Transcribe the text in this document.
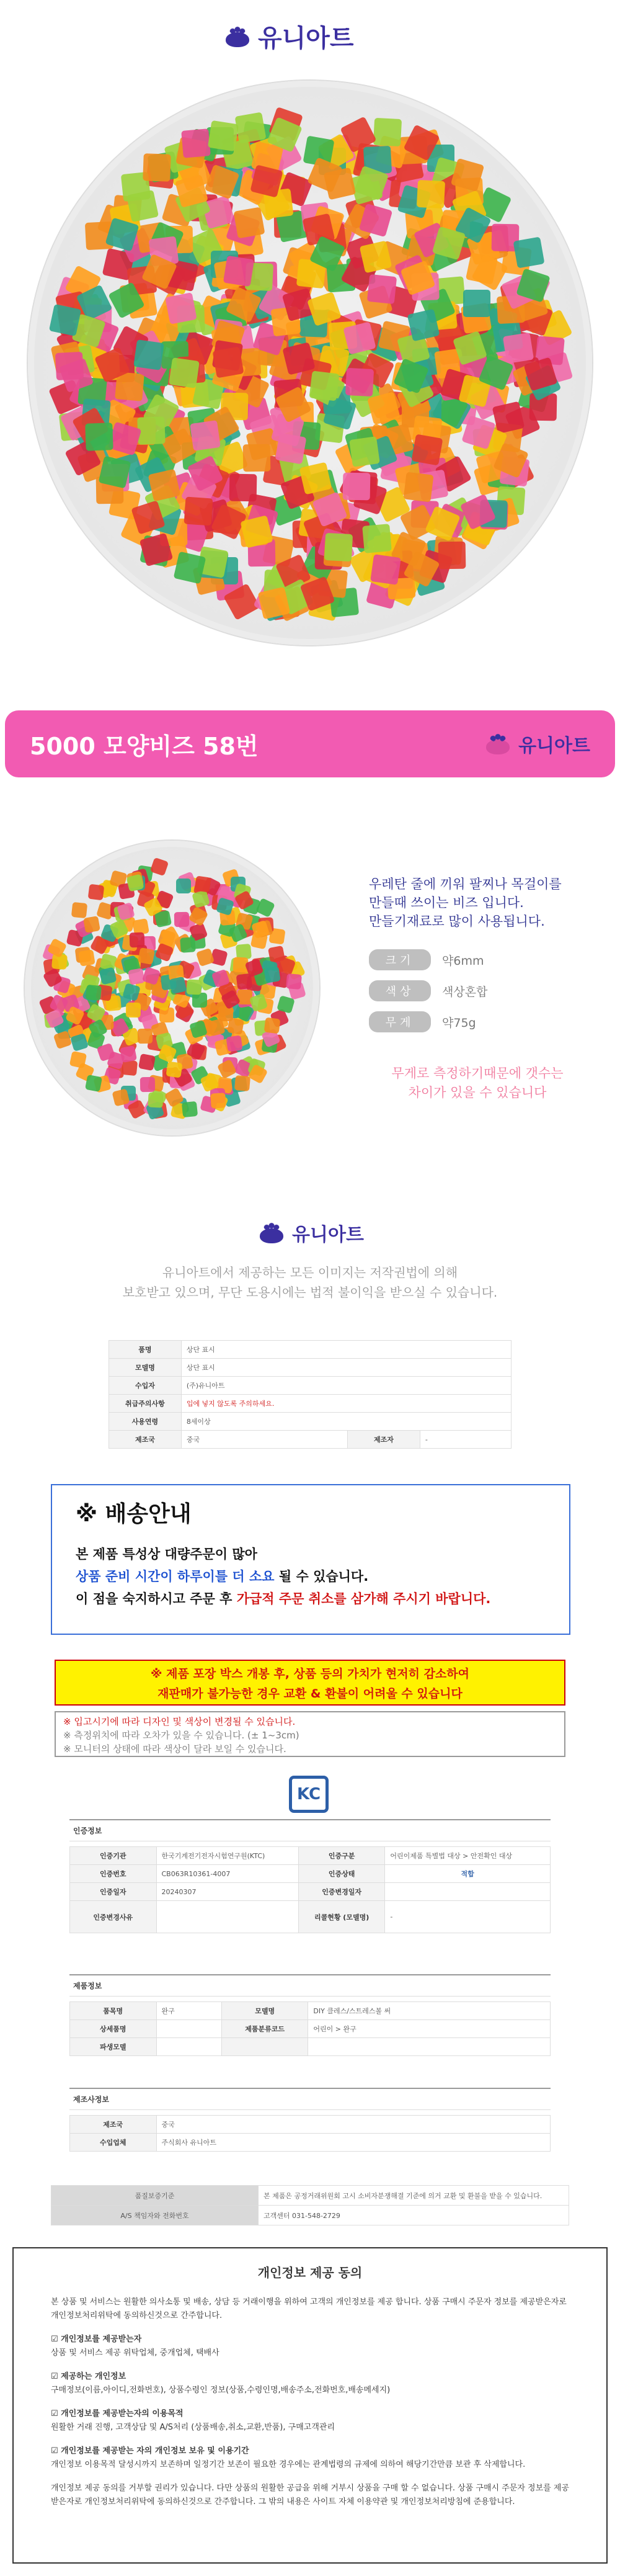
유니아트
5000 모양비즈 58번	유니아트
우레탄 줄에 끼워 팔찌나 목걸이를
만들때 쓰이는 비즈 입니다.
만들기재료로 많이 사용됩니다.
크기	약6mm
색상	색상혼합
무게	약75g
무게로 측정하기때문에 갯수는
차이가 있을 수 있습니다
유니아트
유니아트에서 제공하는 모든 이미지는 저작권법에 의해
보호받고 있으며, 무단 도용시에는 법적 불이익을 받으실 수 있습니다.
품명	상단 표시		
모델명	상단 표시		
수입자	(주)유니아트		
취급주의사항	입에 넣지 않도록 주의하세요.		
사용연령	8세이상		
제조국	중국	제조자	-
※ 배송안내
본 제품 특성상 대량주문이 많아
상품 준비 시간이 하루이틀 더 소요 될 수 있습니다.
이 점을 숙지하시고 주문 후 가급적 주문 취소를 삼가해 주시기 바랍니다.
※ 제품 포장 박스 개봉 후, 상품 등의 가치가 현저히 감소하여
재판매가 불가능한 경우 교환 & 환불이 어려울 수 있습니다
※ 입고시기에 따라 디자인 및 색상이 변경될 수 있습니다.
※ 측정위치에 따라 오차가 있을 수 있습니다. (± 1~3cm)
※ 모니터의 상태에 따라 색상이 달라 보일 수 있습니다.
KC
인증정보
인증기관	한국기계전기전자시험연구원(KTC)	인증구분	어린이제품 특별법 대상 > 안전확인 대상
인증번호	CB063R10361-4007	인증상태	적합
인증일자	20240307	인증변경일자	
인증변경사유		리콜현황 (모델명)	-
제품정보
품목명	완구	모델명	DIY 클레스/스트레스볼 써
상세품명		제품분류코드	어린이 > 완구
파생모델			
제조사정보
제조국	중국
수입업체	주식회사 유니아트
품질보증기준	본 제품은 공정거래위원회 고시 소비자분쟁해결 기준에 의거 교환 및 환불을 받을 수 있습니다.
A/S 책임자와 전화번호	고객센터 031-548-2729
개인정보 제공 동의

본 상품 및 서비스는 원활한 의사소통 및 배송, 상담 등 거래이행을 위하여 고객의 개인정보를 제공 합니다. 상품 구매시 주문자 정보를 제공받은자로 개인정보처리위탁에 동의하신것으로 간주합니다.

☑ 개인정보를 제공받는자
상품 및 서비스 제공 위탁업체, 중개업체, 택배사

☑ 제공하는 개인정보
구매정보(이름,아이디,전화번호), 상품수령인 정보(상품,수령인명,배송주소,전화번호,배송메세지)

☑ 개인정보를 제공받는자의 이용목적
원활한 거래 진행, 고객상담 및 A/S처리 (상품배송,취소,교환,반품), 구매고객관리

☑ 개인정보를 제공받는 자의 개인정보 보유 및 이용기간
개인정보 이용목적 달성시까지 보존하며 일정기간 보존이 필요한 경우에는 관계법령의 규제에 의하여 해당기간만큼 보관 후 삭제합니다.

개인정보 제공 동의를 거부할 권리가 있습니다. 다만 상품의 원활한 공급을 위해 거부시 상품을 구매 할 수 없습니다. 상품 구매시 주문자 정보를 제공받은자로 개인정보처리위탁에 동의하신것으로 간주합니다. 그 밖의 내용은 사이트 자체 이용약관 및 개인정보처리방침에 준용합니다.
